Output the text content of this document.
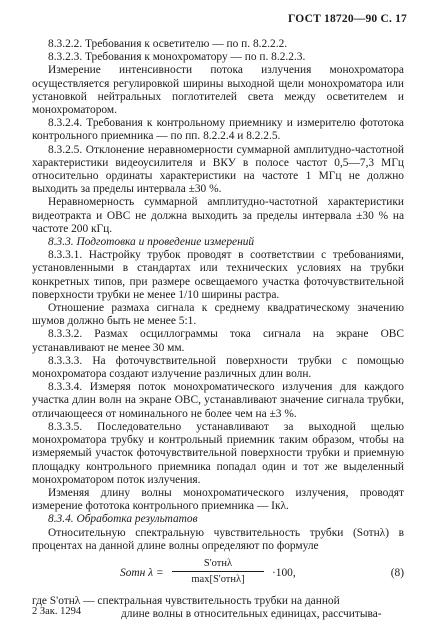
ГОСТ 18720—90 С. 17

8.3.2.2. Требования к осветителю — по п. 8.2.2.2.

8.3.2.3. Требования к монохроматору — по п. 8.2.2.3.

Измерение интенсивности потока излучения монохроматора осуществляется регулировкой ширины выходной щели монохроматора или установкой нейтральных поглотителей света между осветителем и монохроматором.

8.3.2.4. Требования к контрольному приемнику и измерителю фототока контрольного приемника — по пп. 8.2.2.4 и 8.2.2.5.

8.3.2.5. Отклонение неравномерности суммарной амплитудно-частотной характеристики видеоусилителя и ВКУ в полосе частот 0,5—7,3 МГц относительно ординаты характеристики на частоте 1 МГц не должно выходить за пределы интервала ±30 %.

Неравномерность суммарной амплитудно-частотной характеристики видеотракта и ОВС не должна выходить за пределы интервала ±30 % на частоте 200 кГц.

8.3.3. Подготовка и проведение измерений

8.3.3.1. Настройку трубок проводят в соответствии с требованиями, установленными в стандартах или технических условиях на трубки конкретных типов, при размере освещаемого участка фоточувствительной поверхности трубки не менее 1/10 ширины растра.

Отношение размаха сигнала к среднему квадратическому значению шумов должно быть не менее 5:1.

8.3.3.2. Размах осциллограммы тока сигнала на экране ОВС устанавливают не менее 30 мм.

8.3.3.3. На фоточувствительной поверхности трубки с помощью монохроматора создают излучение различных длин волн.

8.3.3.4. Измеряя поток монохроматического излучения для каждого участка длин волн на экране ОВС, устанавливают значение сигнала трубки, отличающееся от номинального не более чем на ±3 %.

8.3.3.5. Последовательно устанавливают за выходной щелью монохроматора трубку и контрольный приемник таким образом, чтобы на измеряемый участок фоточувствительной поверхности трубки и приемную площадку контрольного приемника попадал один и тот же выделенный монохроматором поток излучения.

Изменяя длину волны монохроматического излучения, проводят измерение фототока контрольного приемника — Iкλ.

8.3.4. Обработка результатов

Относительную спектральную чувствительность трубки (Sотнλ) в процентах на данной длине волны определяют по формуле

Sотн λ =
S'отнλ
max[S'отнλ]
·100,	(8)

где S'отнλ — спектральная чувствительность трубки на данной

длине волны в относительных единицах, рассчитыва-

2 Зак. 1294
